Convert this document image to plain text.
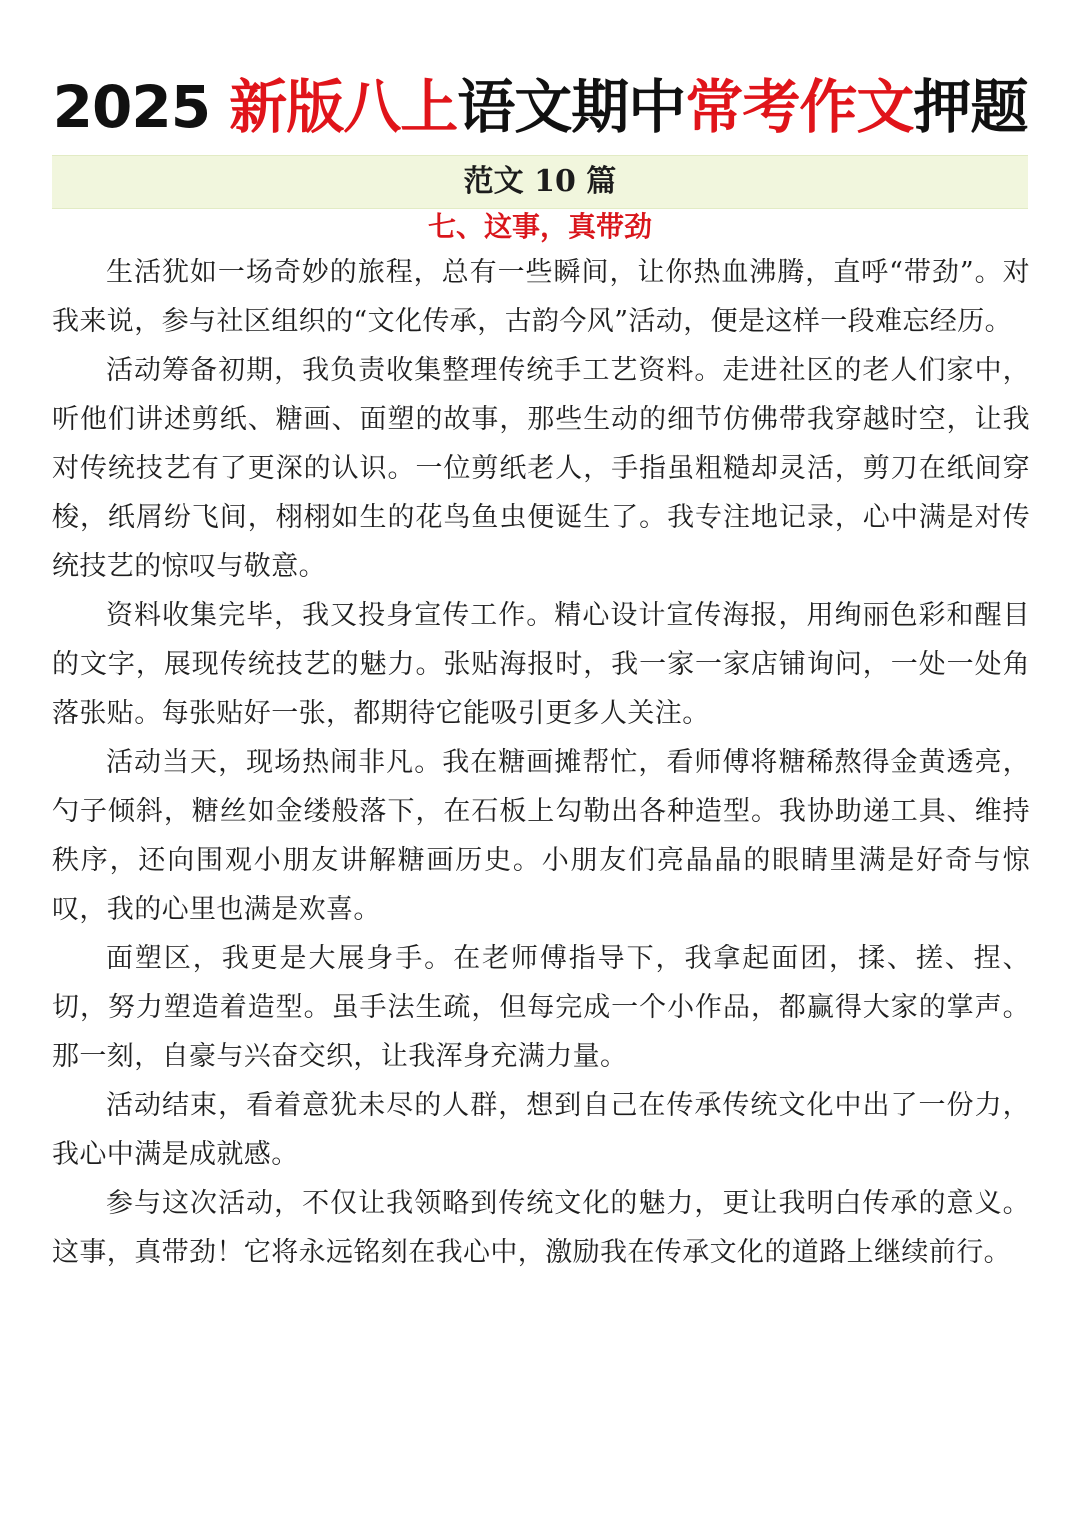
2025 新版八上语文期中常考作文押题
范文 10 篇
七、这事，真带劲

生活犹如一场奇妙的旅程，总有一些瞬间，让你热血沸腾，直呼“带劲”。对我来说，参与社区组织的“文化传承，古韵今风”活动，便是这样一段难忘经历。

活动筹备初期，我负责收集整理传统手工艺资料。走进社区的老人们家中，听他们讲述剪纸、糖画、面塑的故事，那些生动的细节仿佛带我穿越时空，让我对传统技艺有了更深的认识。一位剪纸老人，手指虽粗糙却灵活，剪刀在纸间穿梭，纸屑纷飞间，栩栩如生的花鸟鱼虫便诞生了。我专注地记录，心中满是对传统技艺的惊叹与敬意。

资料收集完毕，我又投身宣传工作。精心设计宣传海报，用绚丽色彩和醒目的文字，展现传统技艺的魅力。张贴海报时，我一家一家店铺询问，一处一处角落张贴。每张贴好一张，都期待它能吸引更多人关注。

活动当天，现场热闹非凡。我在糖画摊帮忙，看师傅将糖稀熬得金黄透亮，勺子倾斜，糖丝如金缕般落下，在石板上勾勒出各种造型。我协助递工具、维持秩序，还向围观小朋友讲解糖画历史。小朋友们亮晶晶的眼睛里满是好奇与惊叹，我的心里也满是欢喜。

面塑区，我更是大展身手。在老师傅指导下，我拿起面团，揉、搓、捏、切，努力塑造着造型。虽手法生疏，但每完成一个小作品，都赢得大家的掌声。那一刻，自豪与兴奋交织，让我浑身充满力量。

活动结束，看着意犹未尽的人群，想到自己在传承传统文化中出了一份力，我心中满是成就感。

参与这次活动，不仅让我领略到传统文化的魅力，更让我明白传承的意义。这事，真带劲！它将永远铭刻在我心中，激励我在传承文化的道路上继续前行。
